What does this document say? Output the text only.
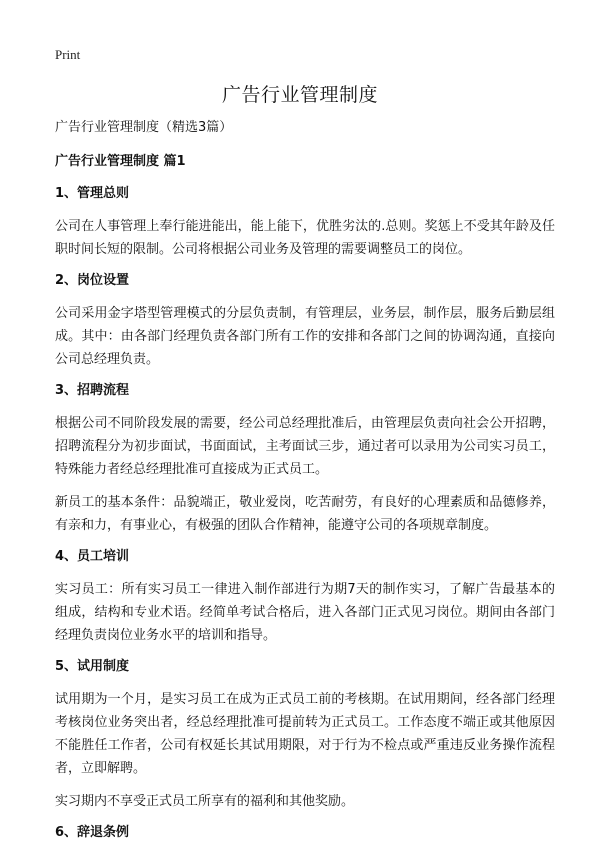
Print
广告行业管理制度

广告行业管理制度（精选3篇）

广告行业管理制度 篇1

1、管理总则

公司在人事管理上奉行能进能出，能上能下，优胜劣汰的.总则。奖惩上不受其年龄及任职时间长短的限制。公司将根据公司业务及管理的需要调整员工的岗位。

2、岗位设置

公司采用金字塔型管理模式的分层负责制，有管理层，业务层，制作层，服务后勤层组成。其中：由各部门经理负责各部门所有工作的安排和各部门之间的协调沟通，直接向公司总经理负责。

3、招聘流程

根据公司不同阶段发展的需要，经公司总经理批准后，由管理层负责向社会公开招聘，招聘流程分为初步面试，书面面试，主考面试三步，通过者可以录用为公司实习员工，特殊能力者经总经理批准可直接成为正式员工。

新员工的基本条件：品貌端正，敬业爱岗，吃苦耐劳，有良好的心理素质和品德修养，有亲和力，有事业心，有极强的团队合作精神，能遵守公司的各项规章制度。

4、员工培训

实习员工：所有实习员工一律进入制作部进行为期7天的制作实习，了解广告最基本的组成，结构和专业术语。经简单考试合格后，进入各部门正式见习岗位。期间由各部门经理负责岗位业务水平的培训和指导。

5、试用制度

试用期为一个月，是实习员工在成为正式员工前的考核期。在试用期间，经各部门经理考核岗位业务突出者，经总经理批准可提前转为正式员工。工作态度不端正或其他原因不能胜任工作者，公司有权延长其试用期限，对于行为不检点或严重违反业务操作流程者，立即解聘。

实习期内不享受正式员工所享有的福利和其他奖励。

6、辞退条例
